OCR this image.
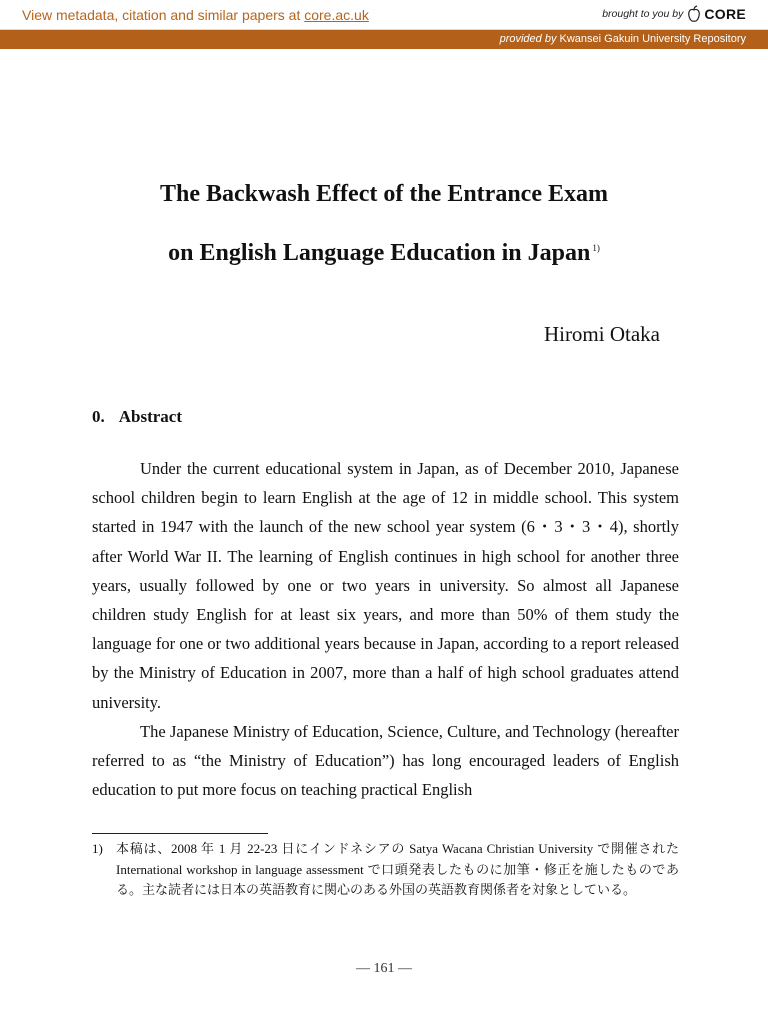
View metadata, citation and similar papers at core.ac.uk	brought to you by CORE
provided by Kwansei Gakuin University Repository
The Backwash Effect of the Entrance Exam
on English Language Education in Japan $^{1)}$
Hiromi Otaka
0. Abstract

Under the current educational system in Japan, as of December 2010, Japanese school children begin to learn English at the age of 12 in middle school. This system started in 1947 with the launch of the new school year system (6・3・3・4), shortly after World War II. The learning of English continues in high school for another three years, usually followed by one or two years in university. So almost all Japanese children study English for at least six years, and more than 50% of them study the language for one or two additional years because in Japan, according to a report released by the Ministry of Education in 2007, more than a half of high school graduates attend university.

The Japanese Ministry of Education, Science, Culture, and Technology (hereafter referred to as “the Ministry of Education”) has long encouraged leaders of English education to put more focus on teaching practical English

1) 本稿は、2008 年 1 月 22-23 日にインドネシアの Satya Wacana Christian University で開催された International workshop in language assessment で口頭発表したものに加筆・修正を施したものである。主な読者には日本の英語教育に関心のある外国の英語教育関係者を対象としている。
— 161 —
